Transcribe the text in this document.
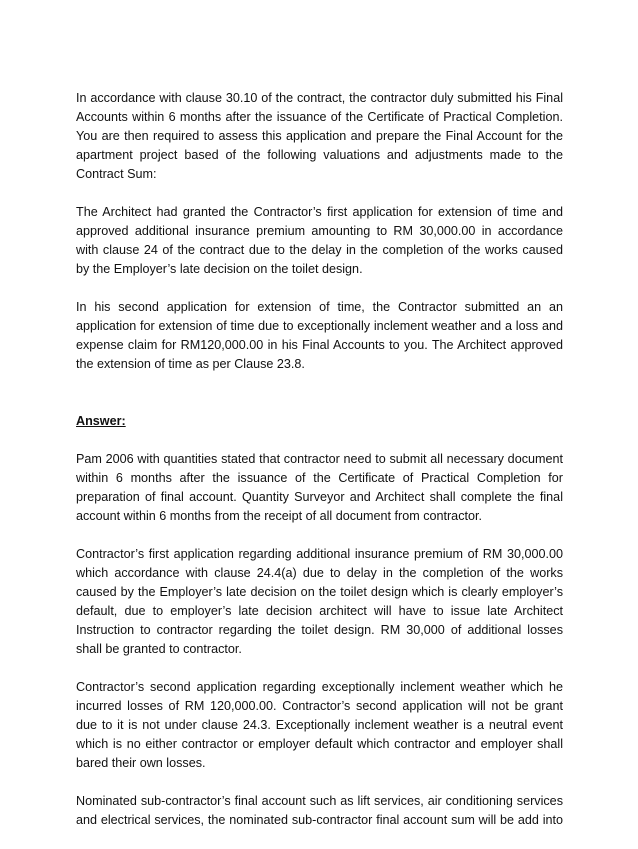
In accordance with clause 30.10 of the contract, the contractor duly submitted his Final Accounts within 6 months after the issuance of the Certificate of Practical Completion. You are then required to assess this application and prepare the Final Account for the apartment project based of the following valuations and adjustments made to the Contract Sum:

The Architect had granted the Contractor’s first application for extension of time and approved additional insurance premium amounting to RM 30,000.00 in accordance with clause 24 of the contract due to the delay in the completion of the works caused by the Employer’s late decision on the toilet design.

In his second application for extension of time, the Contractor submitted an an application for extension of time due to exceptionally inclement weather and a loss and expense claim for RM120,000.00 in his Final Accounts to you. The Architect approved the extension of time as per Clause 23.8.

Answer:

Pam 2006 with quantities stated that contractor need to submit all necessary document within 6 months after the issuance of the Certificate of Practical Completion for preparation of final account. Quantity Surveyor and Architect shall complete the final account within 6 months from the receipt of all document from contractor.

Contractor’s first application regarding additional insurance premium of RM 30,000.00 which accordance with clause 24.4(a) due to delay in the completion of the works caused by the Employer’s late decision on the toilet design which is clearly employer’s default, due to employer’s late decision architect will have to issue late Architect Instruction to contractor regarding the toilet design. RM 30,000 of additional losses shall be granted to contractor.

Contractor’s second application regarding exceptionally inclement weather which he incurred losses of RM 120,000.00. Contractor’s second application will not be grant due to it is not under clause 24.3. Exceptionally inclement weather is a neutral event which is no either contractor or employer default which contractor and employer shall bared their own losses.

Nominated sub-contractor’s final account such as lift services, air conditioning services and electrical services, the nominated sub-contractor final account sum will be add into
